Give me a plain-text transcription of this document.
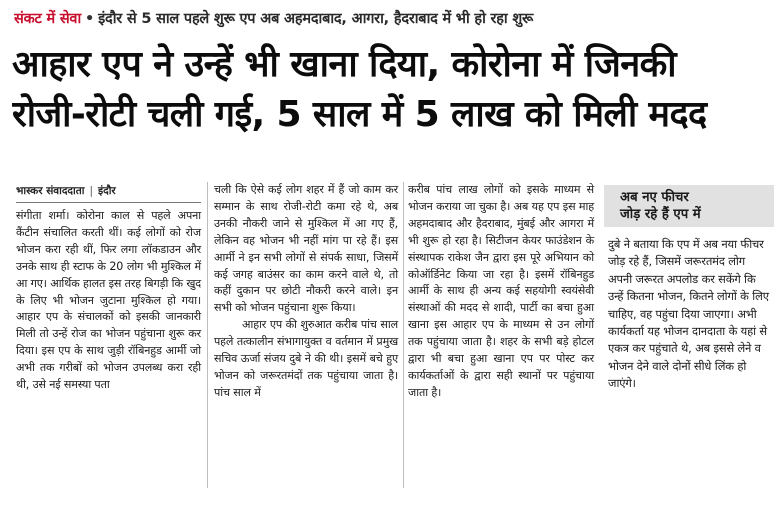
संकट में सेवा • इंदौर से 5 साल पहले शुरू एप अब अहमदाबाद, आगरा, हैदराबाद में भी हो रहा शुरू
आहार एप ने उन्हें भी खाना दिया, कोरोना में जिनकी
रोजी-रोटी चली गई, 5 साल में 5 लाख को मिली मदद
भास्कर संवाददाता | इंदौर

संगीता शर्मा। कोरोना काल से पहले अपना कैंटीन संचालित करती थीं। कई लोगों को रोज भोजन करा रही थीं, फिर लगा लॉकडाउन और उनके साथ ही स्टाफ के 20 लोग भी मुश्किल में आ गए। आर्थिक हालत इस तरह बिगड़ी कि खुद के लिए भी भोजन जुटाना मुश्किल हो गया। आहार एप के संचालकों को इसकी जानकारी मिली तो उन्हें रोज का भोजन पहुंचाना शुरू कर दिया। इस एप के साथ जुड़ी रॉबिनहुड आर्मी जो अभी तक गरीबों को भोजन उपलब्ध करा रही थी, उसे नई समस्या पता

चली कि ऐसे कई लोग शहर में हैं जो काम कर सम्मान के साथ रोजी-रोटी कमा रहे थे, अब उनकी नौकरी जाने से मुश्किल में आ गए हैं, लेकिन वह भोजन भी नहीं मांग पा रहे हैं। इस आर्मी ने इन सभी लोगों से संपर्क साधा, जिसमें कई जगह बाउंसर का काम करने वाले थे, तो कहीं दुकान पर छोटी नौकरी करने वाले। इन सभी को भोजन पहुंचाना शुरू किया।

आहार एप की शुरुआत करीब पांच साल पहले तत्कालीन संभागायुक्त व वर्तमान में प्रमुख सचिव ऊर्जा संजय दुबे ने की थी। इसमें बचे हुए भोजन को जरूरतमंदों तक पहुंचाया जाता है। पांच साल में

करीब पांच लाख लोगों को इसके माध्यम से भोजन कराया जा चुका है। अब यह एप इस माह अहमदाबाद और हैदराबाद, मुंबई और आगरा में भी शुरू हो रहा है। सिटीजन केयर फाउंडेशन के संस्थापक राकेश जैन द्वारा इस पूरे अभियान को कोऑर्डिनेट किया जा रहा है। इसमें रॉबिनहुड आर्मी के साथ ही अन्य कई सहयोगी स्वयंसेवी संस्थाओं की मदद से शादी, पार्टी का बचा हुआ खाना इस आहार एप के माध्यम से उन लोगों तक पहुंचाया जाता है। शहर के सभी बड़े होटल द्वारा भी बचा हुआ खाना एप पर पोस्ट कर कार्यकर्ताओं के द्वारा सही स्थानों पर पहुंचाया जाता है।

अब नए फीचर
जोड़ रहे हैं एप में

दुबे ने बताया कि एप में अब नया फीचर जोड़ रहे हैं, जिसमें जरूरतमंद लोग अपनी जरूरत अपलोड कर सकेंगे कि उन्हें कितना भोजन, कितने लोगों के लिए चाहिए, वह पहुंचा दिया जाएगा। अभी कार्यकर्ता यह भोजन दानदाता के यहां से एकत्र कर पहुंचाते थे, अब इससे लेने व भोजन देने वाले दोनों सीधे लिंक हो जाएंगे।
